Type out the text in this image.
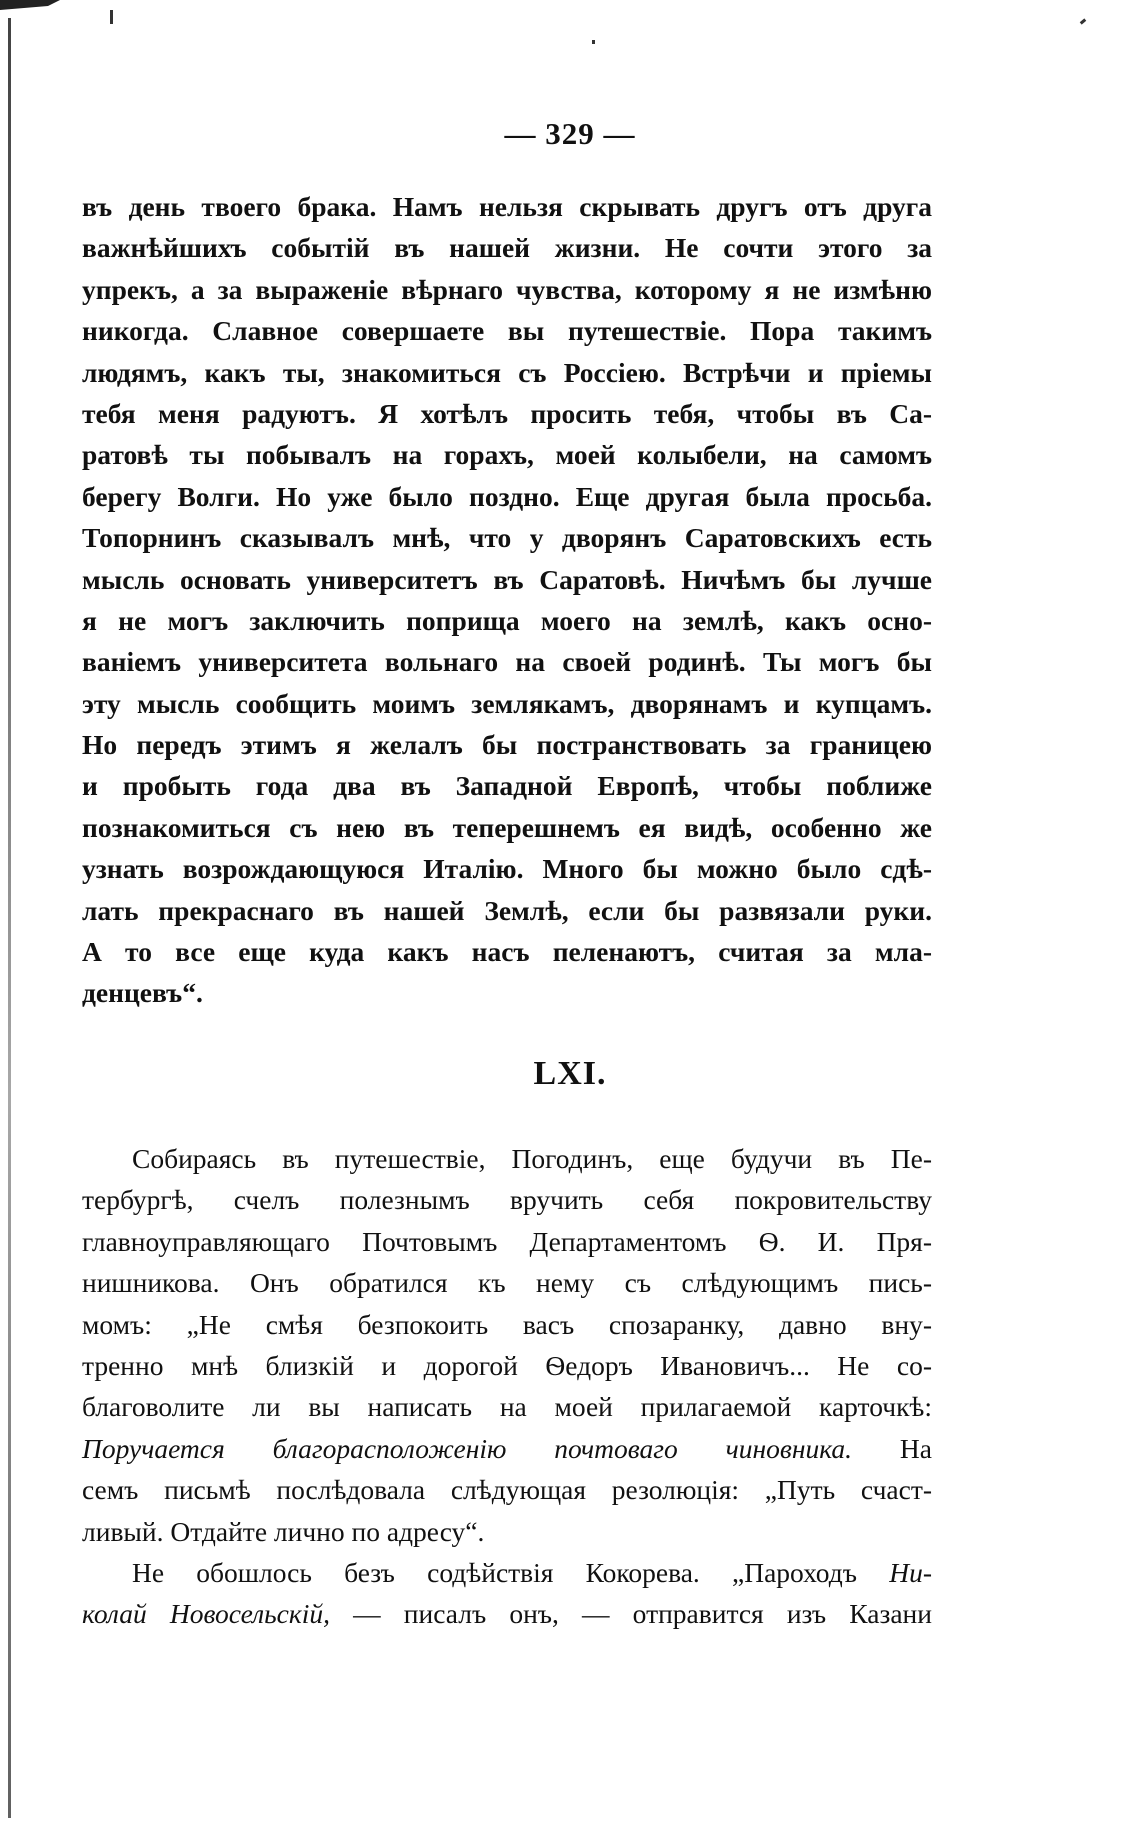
— 329 —
въ день твоего брака. Намъ нельзя скрывать другъ отъ друга
важнѣйшихъ событій въ нашей жизни. Не сочти этого за
упрекъ, а за выраженіе вѣрнаго чувства, которому я не измѣню
никогда. Славное совершаете вы путешествіе. Пора такимъ
людямъ, какъ ты, знакомиться съ Россіею. Встрѣчи и пріемы
тебя меня радуютъ. Я хотѣлъ просить тебя, чтобы въ Са-
ратовѣ ты побывалъ на горахъ, моей колыбели, на самомъ
берегу Волги. Но уже было поздно. Еще другая была просьба.
Топорнинъ сказывалъ мнѣ, что у дворянъ Саратовскихъ есть
мысль основать университетъ въ Саратовѣ. Ничѣмъ бы лучше
я не могъ заключить поприща моего на землѣ, какъ осно-
ваніемъ университета вольнаго на своей родинѣ. Ты могъ бы
эту мысль сообщить моимъ землякамъ, дворянамъ и купцамъ.
Но передъ этимъ я желалъ бы постранствовать за границею
и пробыть года два въ Западной Европѣ, чтобы поближе
познакомиться съ нею въ теперешнемъ ея видѣ, особенно же
узнать возрождающуюся Италію. Много бы можно было сдѣ-
лать прекраснаго въ нашей Землѣ, если бы развязали руки.
А то все еще куда какъ насъ пеленаютъ, считая за мла-
денцевъ“.
LXI.
Собираясь въ путешествіе, Погодинъ, еще будучи въ Пе-
тербургѣ, счелъ полезнымъ вручить себя покровительству
главноуправляющаго Почтовымъ Департаментомъ Ѳ. И. Пря-
нишникова. Онъ обратился къ нему съ слѣдующимъ пись-
момъ: „Не смѣя безпокоить васъ спозаранку, давно вну-
тренно мнѣ близкій и дорогой Ѳедоръ Ивановичъ... Не со-
благоволите ли вы написать на моей прилагаемой карточкѣ:
Поручается благорасположенію почтоваго чиновника. На
семъ письмѣ послѣдовала слѣдующая резолюція: „Путь счаст-
ливый. Отдайте лично по адресу“.
Не обошлось безъ содѣйствія Кокорева. „Пароходъ Ни-
колай Новосельскій, — писалъ онъ, — отправится изъ Казани
